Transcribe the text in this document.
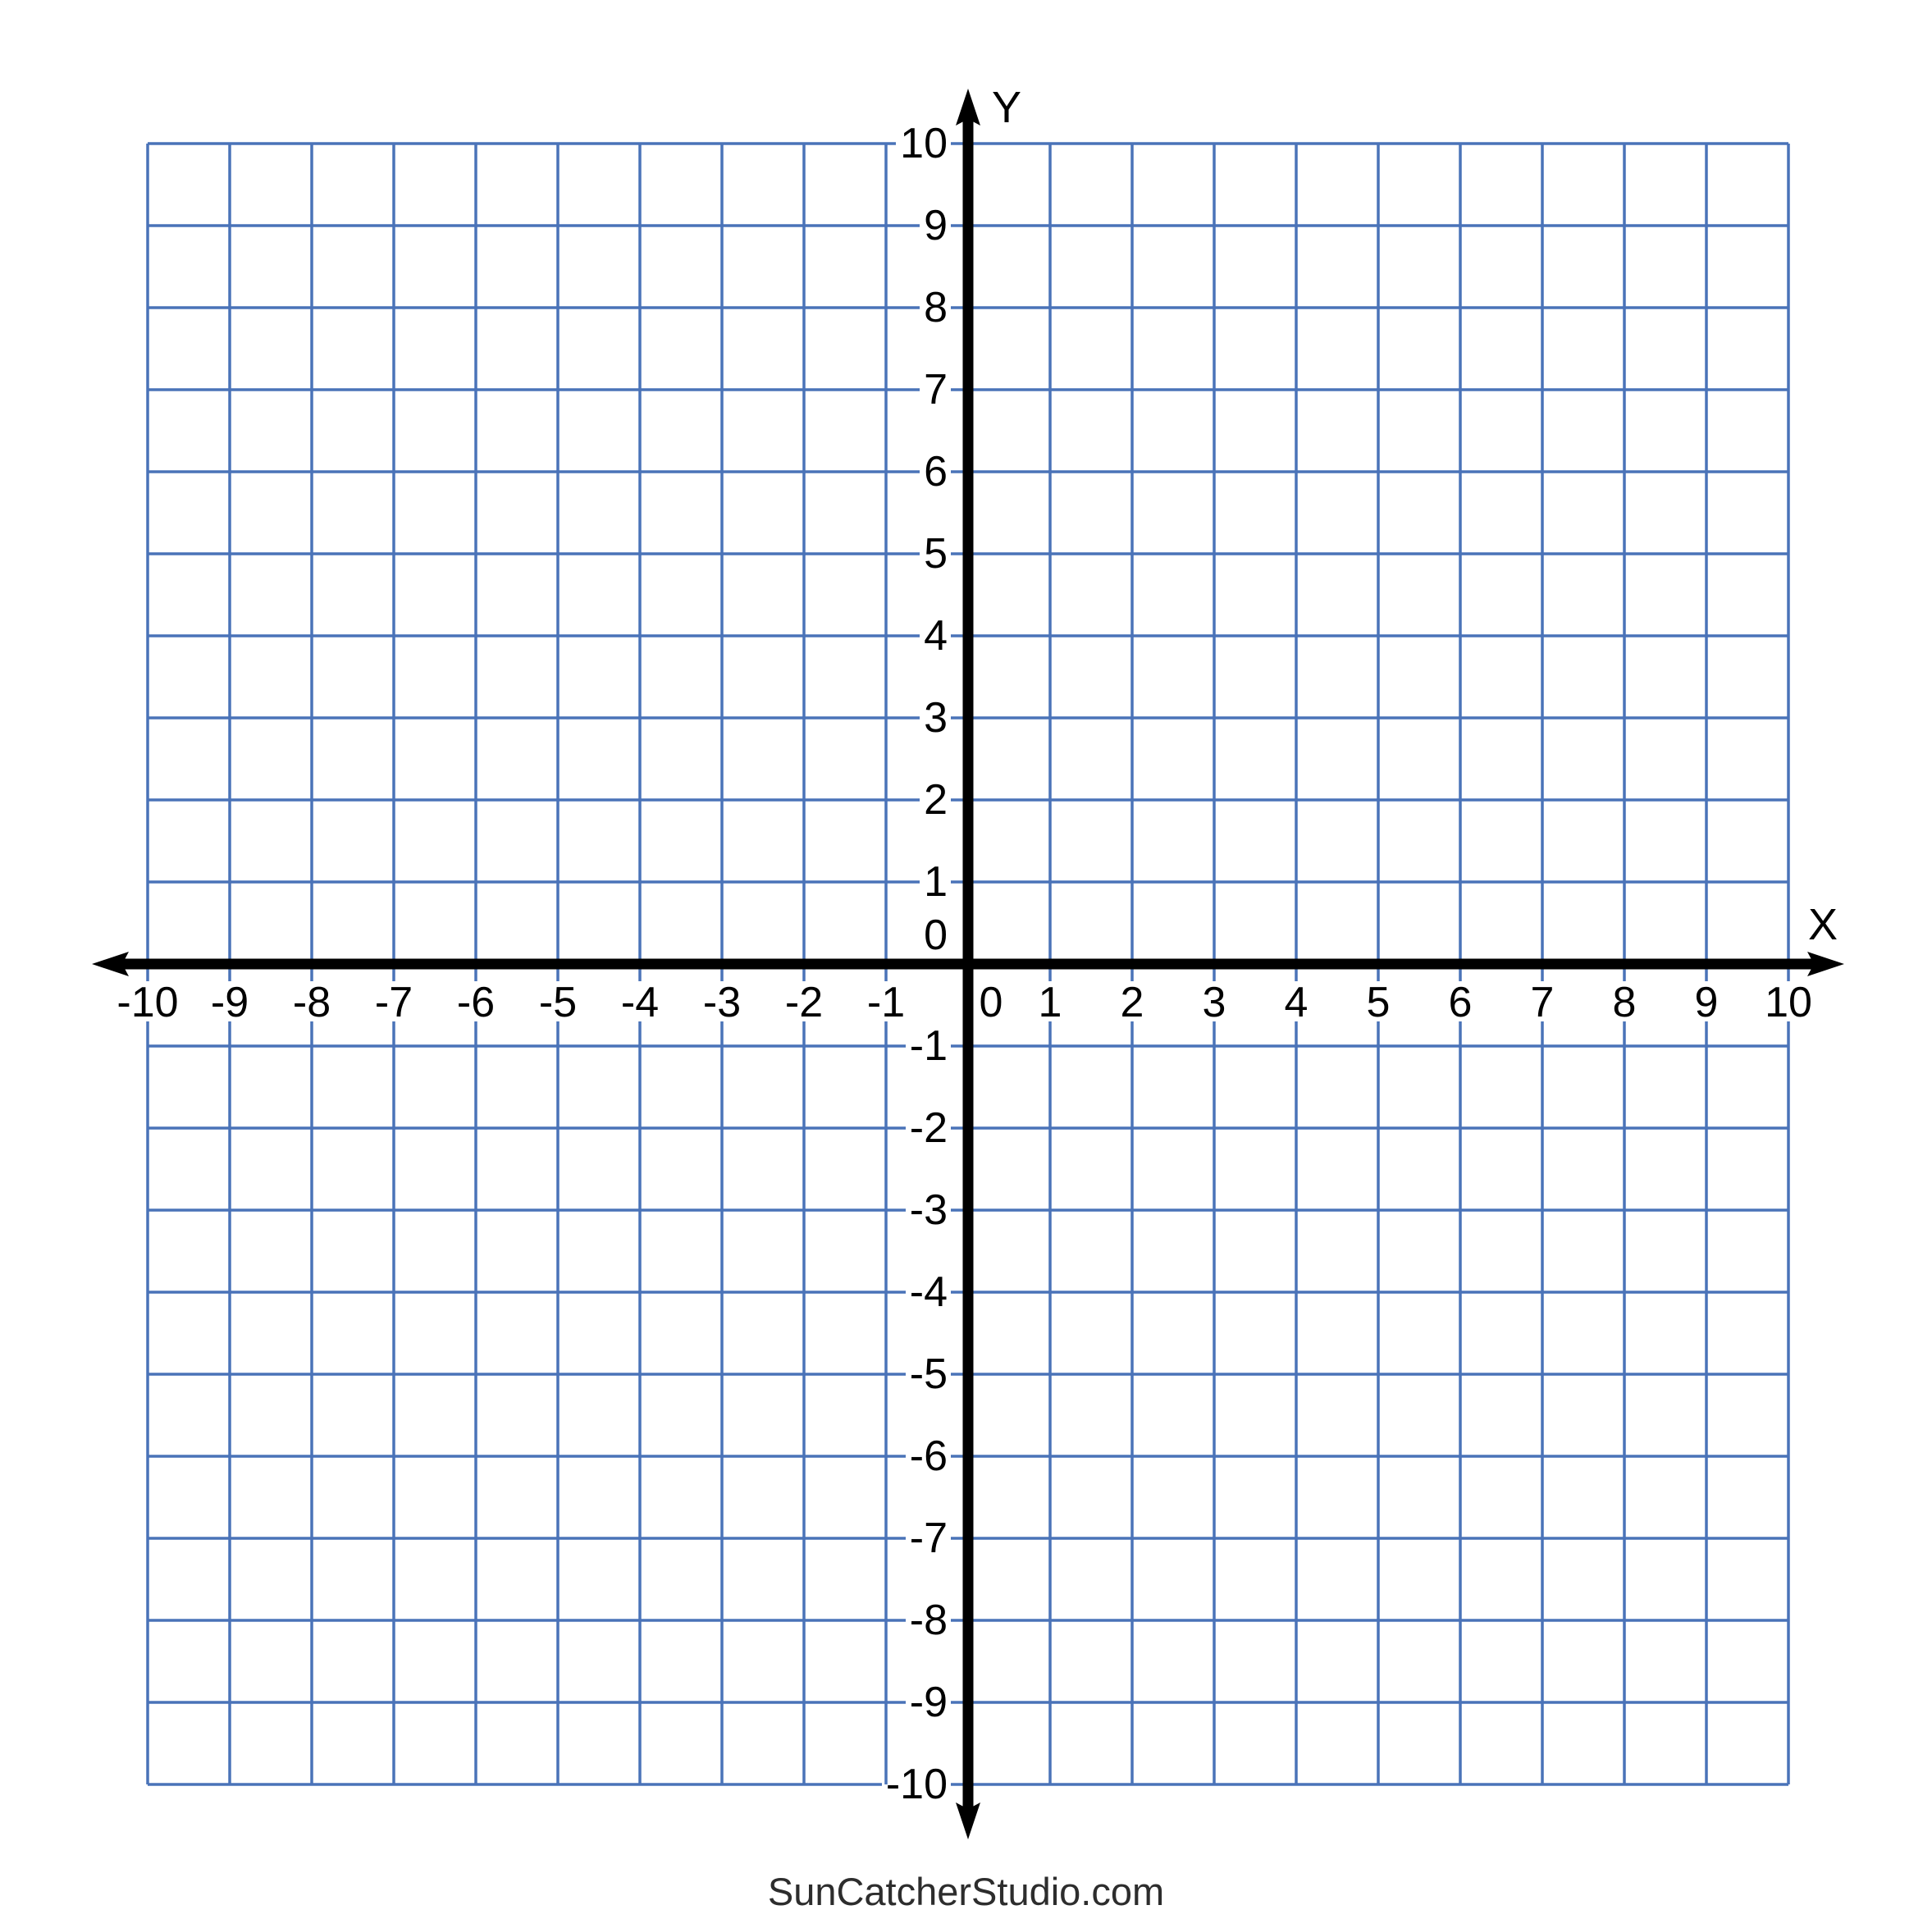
-10
-9
-8
-7
-6
-5
-4
-3
-2
-1
0
1
2
3
4
5
6
7
8
9
10
-10 -9 -8 -7 -6 -5 -4 -3 -2 -1 0 1 2 3 4 5 6 7 8 9 10
X
Y
SunCatcherStudio.com
